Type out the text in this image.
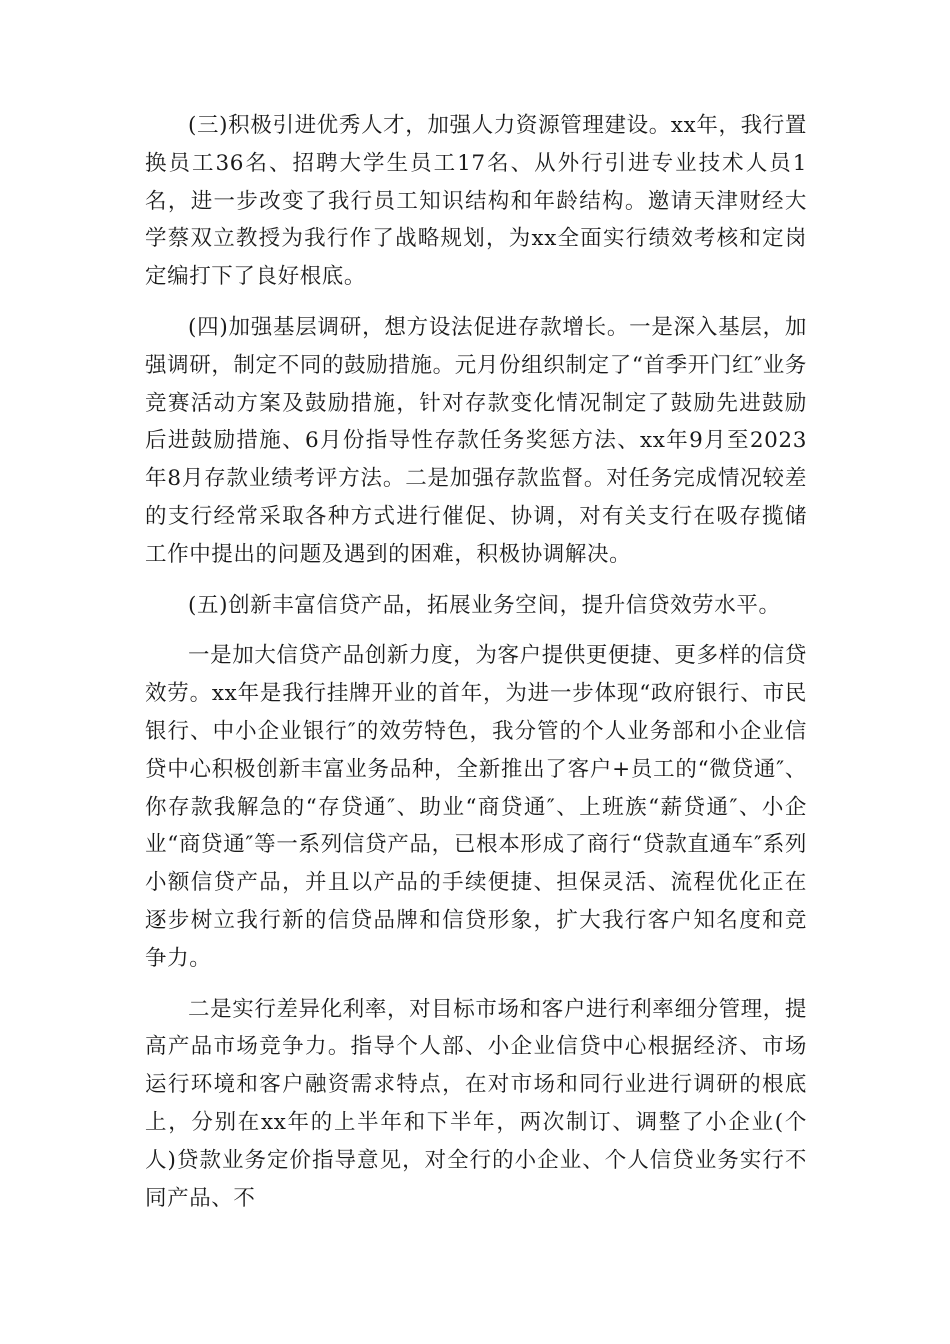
(三)积极引进优秀人才，加强人力资源管理建设。xx年，我行置换员工36名、招聘大学生员工17名、从外行引进专业技术人员1名，进一步改变了我行员工知识结构和年龄结构。邀请天津财经大学蔡双立教授为我行作了战略规划，为xx全面实行绩效考核和定岗定编打下了良好根底。

(四)加强基层调研，想方设法促进存款增长。一是深入基层，加强调研，制定不同的鼓励措施。元月份组织制定了“首季开门红″业务竞赛活动方案及鼓励措施，针对存款变化情况制定了鼓励先进鼓励后进鼓励措施、6月份指导性存款任务奖惩方法、xx年9月至2023年8月存款业绩考评方法。二是加强存款监督。对任务完成情况较差的支行经常采取各种方式进行催促、协调，对有关支行在吸存揽储工作中提出的问题及遇到的困难，积极协调解决。

(五)创新丰富信贷产品，拓展业务空间，提升信贷效劳水平。

一是加大信贷产品创新力度，为客户提供更便捷、更多样的信贷效劳。xx年是我行挂牌开业的首年，为进一步体现“政府银行、市民银行、中小企业银行″的效劳特色，我分管的个人业务部和小企业信贷中心积极创新丰富业务品种，全新推出了客户+员工的“微贷通″、你存款我解急的“存贷通″、助业“商贷通″、上班族“薪贷通″、小企业“商贷通″等一系列信贷产品，已根本形成了商行“贷款直通车″系列小额信贷产品，并且以产品的手续便捷、担保灵活、流程优化正在逐步树立我行新的信贷品牌和信贷形象，扩大我行客户知名度和竞争力。

二是实行差异化利率，对目标市场和客户进行利率细分管理，提高产品市场竞争力。指导个人部、小企业信贷中心根据经济、市场运行环境和客户融资需求特点，在对市场和同行业进行调研的根底上，分别在xx年的上半年和下半年，两次制订、调整了小企业(个人)贷款业务定价指导意见，对全行的小企业、个人信贷业务实行不同产品、不
